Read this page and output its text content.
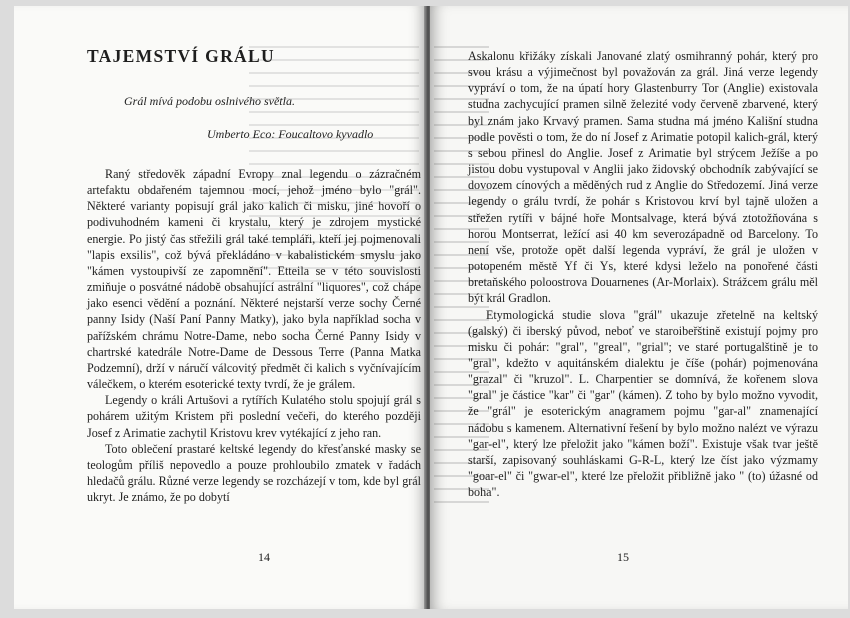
TAJEMSTVÍ GRÁLU

Grál mívá podobu oslnivého světla.

Umberto Eco: Foucaltovo kyvadlo

Raný středověk západní Evropy znal legendu o zázračném artefaktu obdařeném tajemnou mocí, jehož jméno bylo "grál". Některé varianty popisují grál jako kalich či misku, jiné hovoří o podivuhodném kameni či krystalu, který je zdrojem mystické energie. Po jistý čas střežili grál také templáři, kteří jej pojmenovali "lapis exsilis", což bývá překládáno v kabalistickém smyslu jako "kámen vystoupivší ze zapomnění". Etteila se v této souvislosti zmiňuje o posvátné nádobě obsahující astrální "liquores", což chápe jako esenci vědění a poznání. Některé nejstarší verze sochy Černé panny Isidy (Naší Paní Panny Matky), jako byla například socha v pařížském chrámu Notre-Dame, nebo socha Černé Panny Isidy v chartrské katedrále Notre-Dame de Dessous Terre (Panna Matka Podzemní), drží v náručí válcovitý předmět či kalich s vyčnívajícím válečkem, o kterém esoterické texty tvrdí, že je grálem.

Legendy o králi Artušovi a rytířích Kulatého stolu spojují grál s pohárem užitým Kristem při poslední večeři, do kterého později Josef z Arimatie zachytil Kristovu krev vytékající z jeho ran.

Toto oblečení prastaré keltské legendy do křesťanské masky se teologům příliš nepovedlo a pouze prohloubilo zmatek v řadách hledačů grálu. Různé verze legendy se rozcházejí v tom, kde byl grál ukryt. Je známo, že po dobytí

14

Askalonu křižáky získali Janované zlatý osmihranný pohár, který pro svou krásu a výjimečnost byl považován za grál. Jiná verze legendy vypráví o tom, že na úpatí hory Glastenburry Tor (Anglie) existovala studna zachycující pramen silně železité vody červeně zbarvené, který byl znám jako Krvavý pramen. Sama studna má jméno Kališní studna podle pověsti o tom, že do ní Josef z Arimatie potopil kalich-grál, který s sebou přinesl do Anglie. Josef z Arimatie byl strýcem Ježíše a po jistou dobu vystupoval v Anglii jako židovský obchodník zabývající se dovozem cínových a měděných rud z Anglie do Středozemí. Jiná verze legendy o grálu tvrdí, že pohár s Kristovou krví byl tajně uložen a střežen rytíři v bájné hoře Montsalvage, která bývá ztotožňována s horou Montserrat, ležící asi 40 km severozápadně od Barcelony. To není vše, protože opět další legenda vypráví, že grál je uložen v potopeném městě Yf či Ys, které kdysi leželo na ponořené části bretaňského poloostrova Douarnenes (Ar-Morlaix). Strážcem grálu měl být král Gradlon.

Etymologická studie slova "grál" ukazuje zřetelně na keltský (galský) či iberský původ, neboť ve staroibeřštině existují pojmy pro misku či pohár: "gral", "greal", "grial"; ve staré portugalštině je to "gral", kdežto v aquitánském dialektu je číše (pohár) pojmenována "grazal" či "kruzol". L. Charpentier se domnívá, že kořenem slova "gral" je částice "kar" či "gar" (kámen). Z toho by bylo možno vyvodit, že "grál" je esoterickým anagramem pojmu "gar-al" znamenající nádobu s kamenem. Alternativní řešení by bylo možno nalézt ve výrazu "gar-el", který lze přeložit jako "kámen boží". Existuje však tvar ještě starší, zapisovaný souhláskami G-R-L, který lze číst jako výzmamy "goar-el" či "gwar-el", které lze přeložit přibližně jako " (to) úžasné od boha".

15
